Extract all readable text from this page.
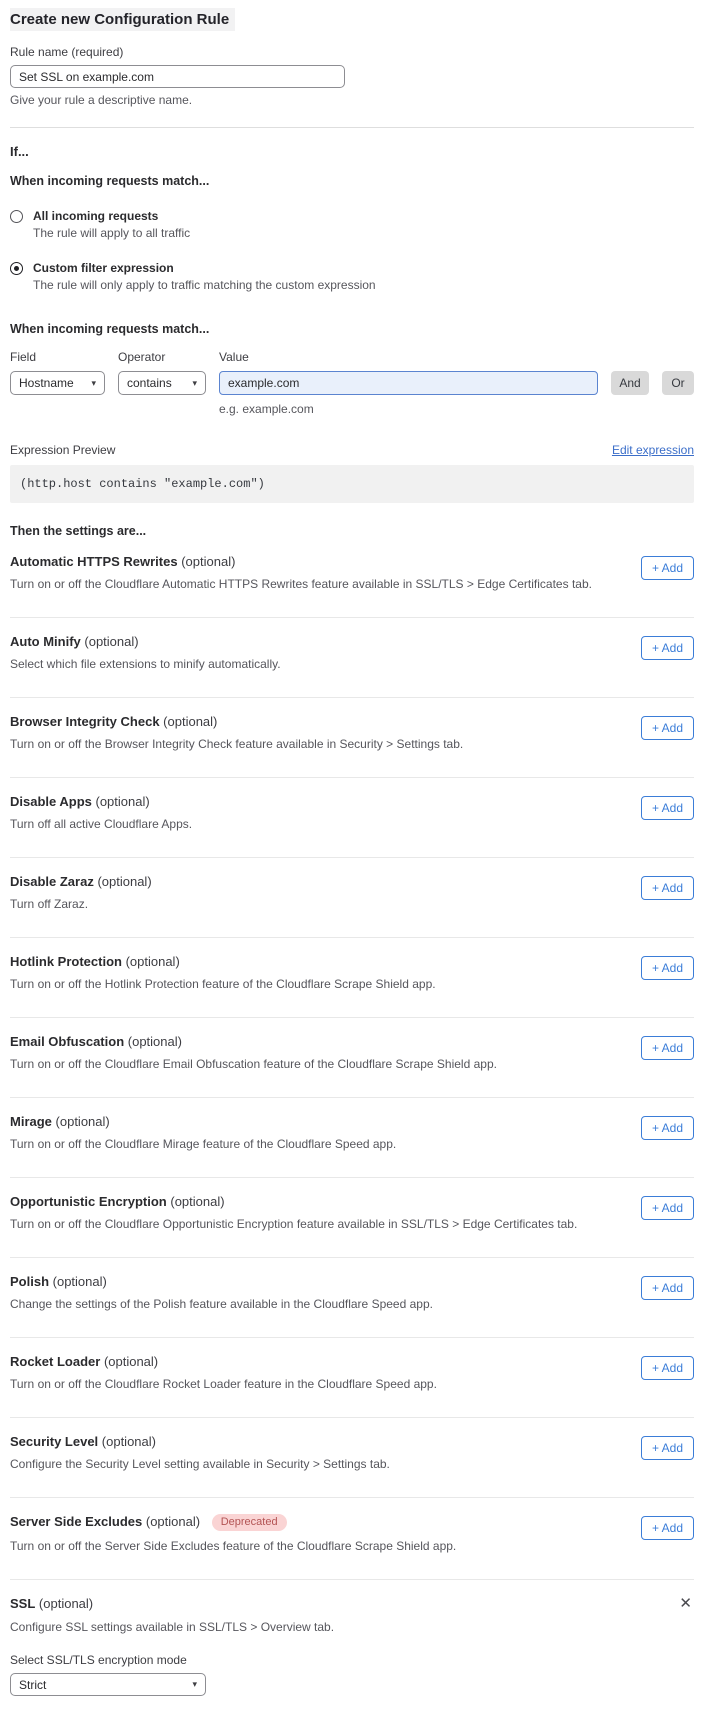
Create new Configuration Rule
Rule name (required)
Set SSL on example.com
Give your rule a descriptive name.
If...
When incoming requests match...
All incoming requests
The rule will apply to all traffic
Custom filter expression
The rule will only apply to traffic matching the custom expression
When incoming requests match...
Field	Operator	Value
Hostname ▾	contains ▾
example.com
e.g. example.com
And	Or
Expression Preview	Edit expression
(http.host contains "example.com")
Then the settings are...
Automatic HTTPS Rewrites (optional)
Turn on or off the Cloudflare Automatic HTTPS Rewrites feature available in SSL/TLS > Edge Certificates tab.
+ Add
Auto Minify (optional)
Select which file extensions to minify automatically.
+ Add
Browser Integrity Check (optional)
Turn on or off the Browser Integrity Check feature available in Security > Settings tab.
+ Add
Disable Apps (optional)
Turn off all active Cloudflare Apps.
+ Add
Disable Zaraz (optional)
Turn off Zaraz.
+ Add
Hotlink Protection (optional)
Turn on or off the Hotlink Protection feature of the Cloudflare Scrape Shield app.
+ Add
Email Obfuscation (optional)
Turn on or off the Cloudflare Email Obfuscation feature of the Cloudflare Scrape Shield app.
+ Add
Mirage (optional)
Turn on or off the Cloudflare Mirage feature of the Cloudflare Speed app.
+ Add
Opportunistic Encryption (optional)
Turn on or off the Cloudflare Opportunistic Encryption feature available in SSL/TLS > Edge Certificates tab.
+ Add
Polish (optional)
Change the settings of the Polish feature available in the Cloudflare Speed app.
+ Add
Rocket Loader (optional)
Turn on or off the Cloudflare Rocket Loader feature in the Cloudflare Speed app.
+ Add
Security Level (optional)
Configure the Security Level setting available in Security > Settings tab.
+ Add
Server Side Excludes (optional) Deprecated
Turn on or off the Server Side Excludes feature of the Cloudflare Scrape Shield app.
+ Add
SSL (optional)	✕
Configure SSL settings available in SSL/TLS > Overview tab.
Select SSL/TLS encryption mode
Strict	▾
